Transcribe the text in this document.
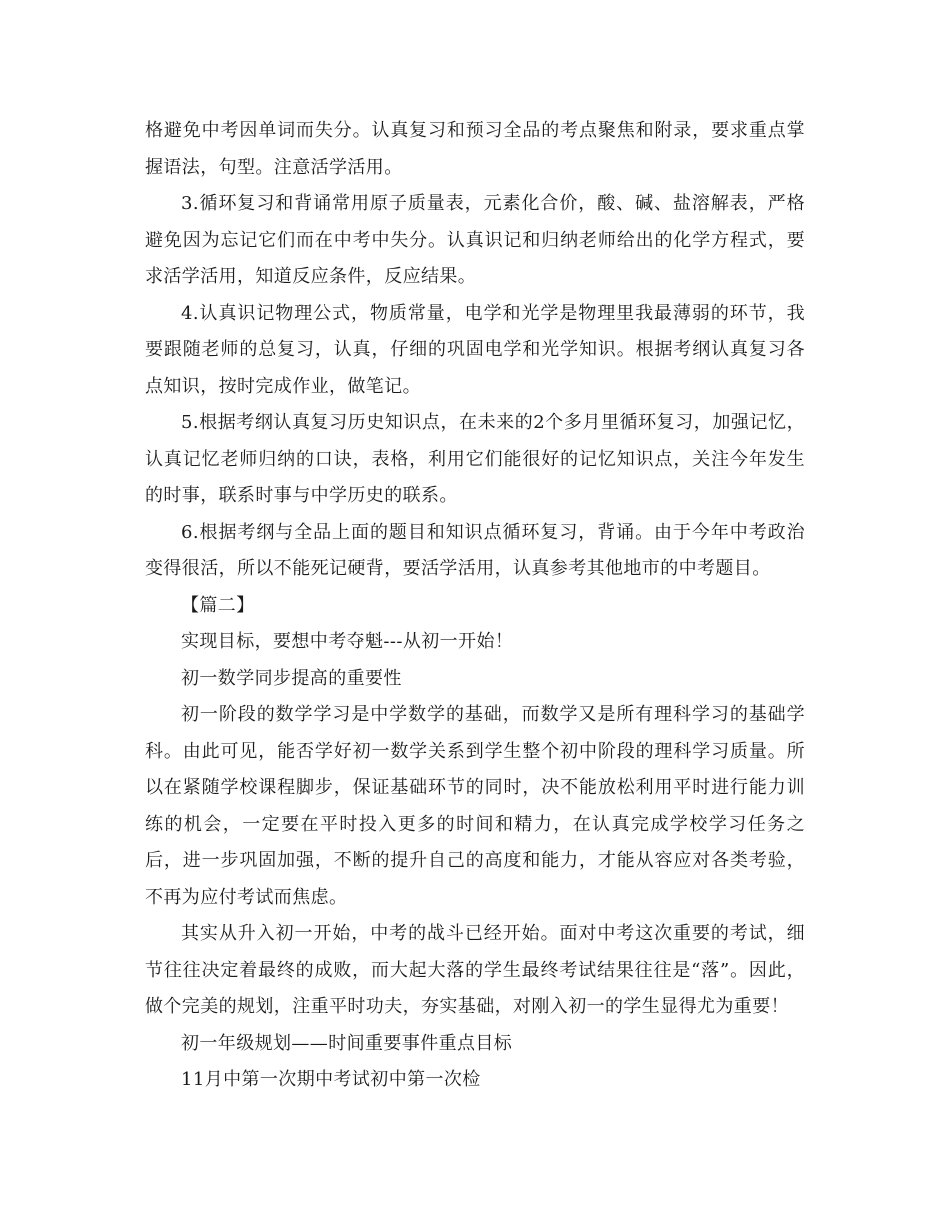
格避免中考因单词而失分。认真复习和预习全品的考点聚焦和附录，要求重点掌握语法，句型。注意活学活用。

3.循环复习和背诵常用原子质量表，元素化合价，酸、碱、盐溶解表，严格避免因为忘记它们而在中考中失分。认真识记和归纳老师给出的化学方程式，要求活学活用，知道反应条件，反应结果。

4.认真识记物理公式，物质常量，电学和光学是物理里我最薄弱的环节，我要跟随老师的总复习，认真，仔细的巩固电学和光学知识。根据考纲认真复习各点知识，按时完成作业，做笔记。

5.根据考纲认真复习历史知识点，在未来的2个多月里循环复习，加强记忆，认真记忆老师归纳的口诀，表格，利用它们能很好的记忆知识点，关注今年发生的时事，联系时事与中学历史的联系。

6.根据考纲与全品上面的题目和知识点循环复习，背诵。由于今年中考政治变得很活，所以不能死记硬背，要活学活用，认真参考其他地市的中考题目。

【篇二】

实现目标，要想中考夺魁---从初一开始！

初一数学同步提高的重要性

初一阶段的数学学习是中学数学的基础，而数学又是所有理科学习的基础学科。由此可见，能否学好初一数学关系到学生整个初中阶段的理科学习质量。所以在紧随学校课程脚步，保证基础环节的同时，决不能放松利用平时进行能力训练的机会，一定要在平时投入更多的时间和精力，在认真完成学校学习任务之后，进一步巩固加强，不断的提升自己的高度和能力，才能从容应对各类考验，不再为应付考试而焦虑。

其实从升入初一开始，中考的战斗已经开始。面对中考这次重要的考试，细节往往决定着最终的成败，而大起大落的学生最终考试结果往往是“落”。因此，做个完美的规划，注重平时功夫，夯实基础，对刚入初一的学生显得尤为重要！

初一年级规划——时间重要事件重点目标

11月中第一次期中考试初中第一次检
